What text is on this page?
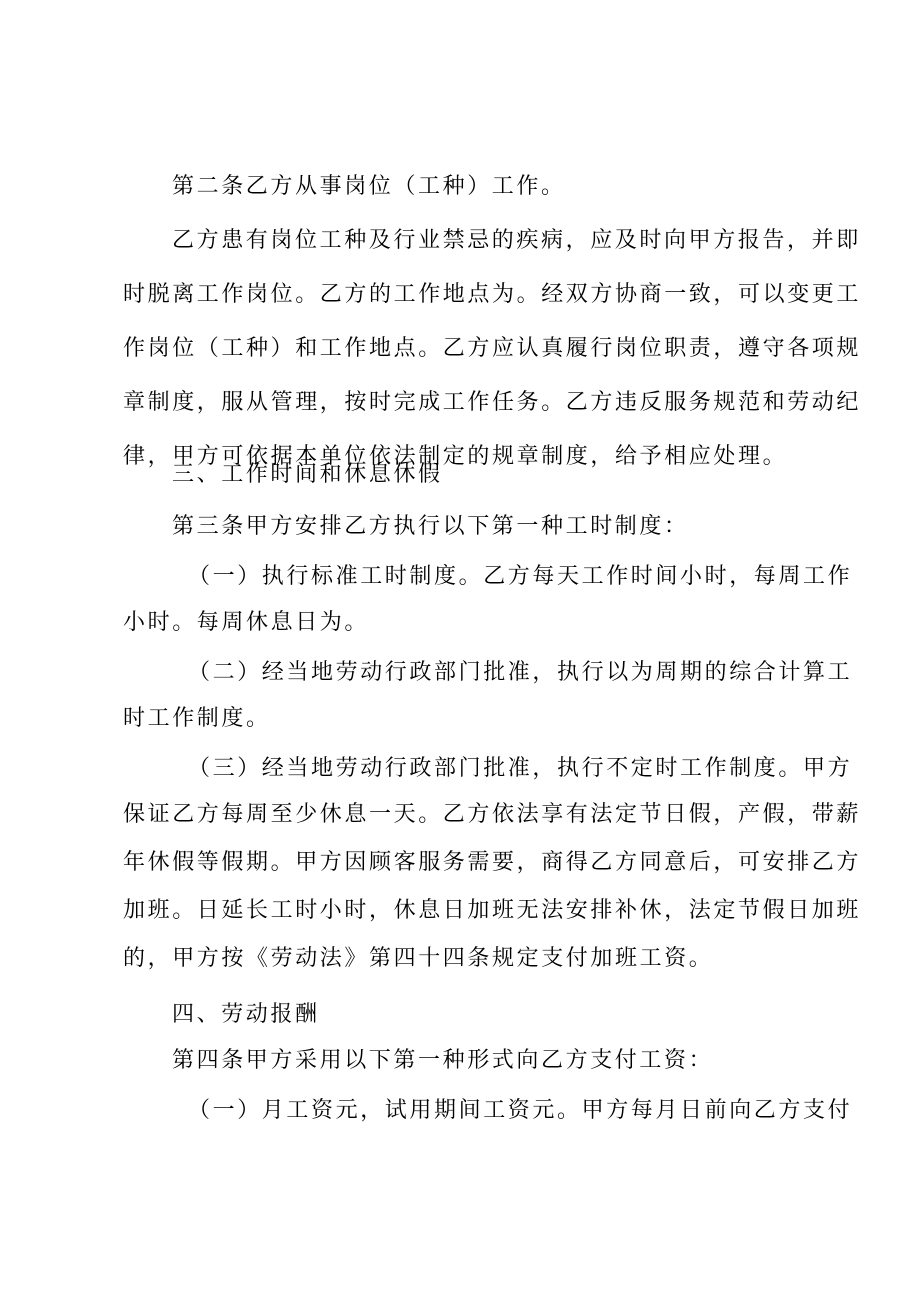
第二条乙方从事岗位（工种）工作。
乙方患有岗位工种及行业禁忌的疾病，应及时向甲方报告，并即
时脱离工作岗位。乙方的工作地点为。经双方协商一致，可以变更工
作岗位（工种）和工作地点。乙方应认真履行岗位职责，遵守各项规
章制度，服从管理，按时完成工作任务。乙方违反服务规范和劳动纪
律，甲方可依据本单位依法制定的规章制度，给予相应处理。
三、工作时间和休息休假
第三条甲方安排乙方执行以下第一种工时制度：
（一）执行标准工时制度。乙方每天工作时间小时，每周工作
小时。每周休息日为。
（二）经当地劳动行政部门批准，执行以为周期的综合计算工
时工作制度。
（三）经当地劳动行政部门批准，执行不定时工作制度。甲方
保证乙方每周至少休息一天。乙方依法享有法定节日假，产假，带薪
年休假等假期。甲方因顾客服务需要，商得乙方同意后，可安排乙方
加班。日延长工时小时，休息日加班无法安排补休，法定节假日加班
的，甲方按《劳动法》第四十四条规定支付加班工资。
四、劳动报酬
第四条甲方采用以下第一种形式向乙方支付工资：
（一）月工资元，试用期间工资元。甲方每月日前向乙方支付
